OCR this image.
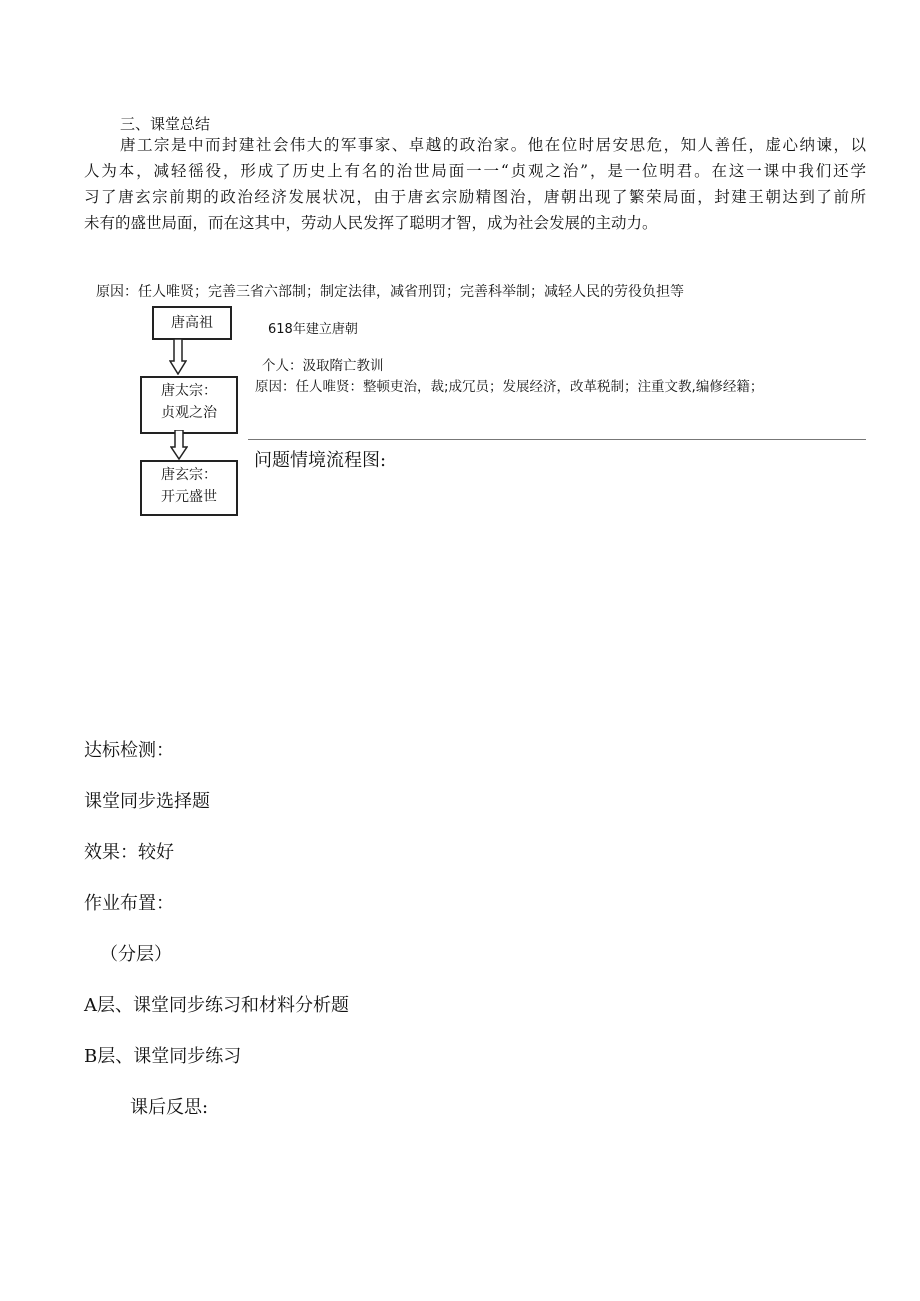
三、课堂总结
唐工宗是中而封建社会伟大的军事家、卓越的政治家。他在位时居安思危，知人善任，虚心纳谏，以
人为本，减轻徭役，形成了历史上有名的治世局面一一“贞观之治”，是一位明君。在这一课中我们还学
习了唐玄宗前期的政治经济发展状况，由于唐玄宗励精图治，唐朝出现了繁荣局面，封建王朝达到了前所
未有的盛世局面，而在这其中，劳动人民发挥了聪明才智，成为社会发展的主动力。
原因：任人唯贤；完善三省六部制；制定法律，减省刑罚；完善科举制；减轻人民的劳役负担等
唐高祖
唐太宗：
贞观之治
唐玄宗：
开元盛世
618年建立唐朝
个人：汲取隋亡教训
原因：任人唯贤：整顿吏治，裁;成冗员；发展经济，改革税制；注重文教,编修经籍；
问题情境流程图:
达标检测：
课堂同步选择题
效果：较好
作业布置：
（分层）
A层、课堂同步练习和材料分析题
B层、课堂同步练习
课后反思:
